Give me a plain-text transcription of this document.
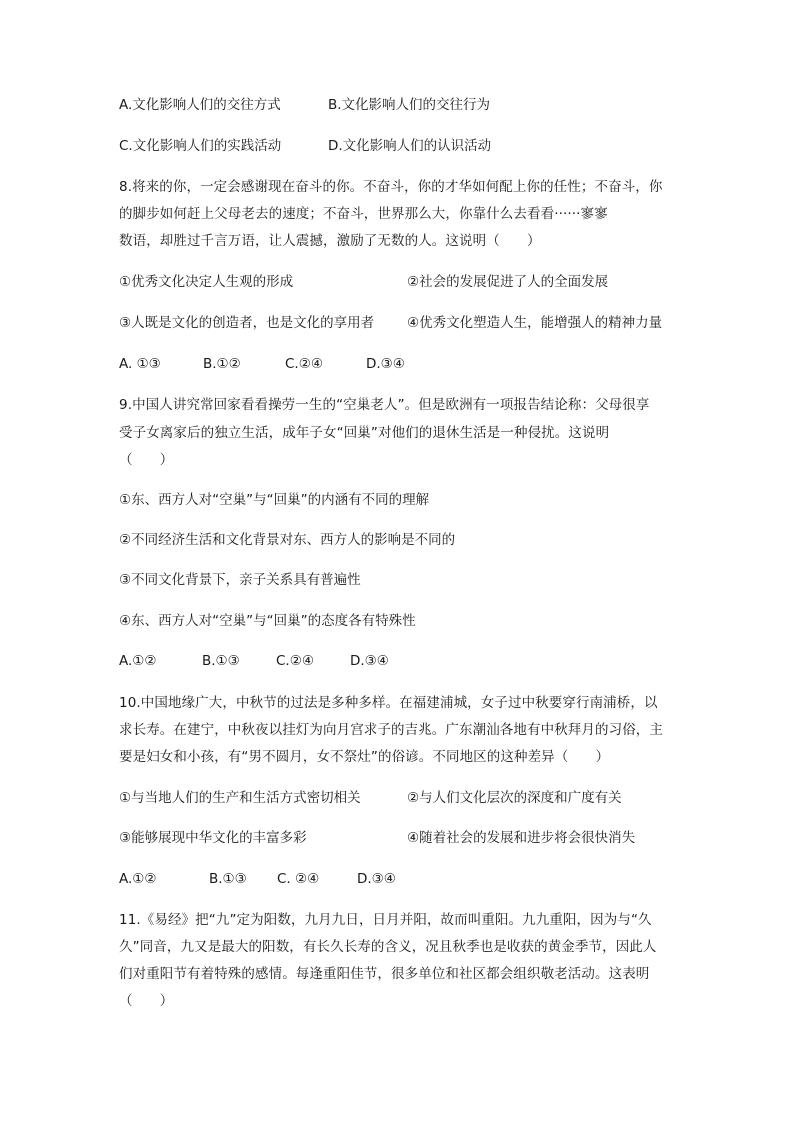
A.文化影响人们的交往方式	B.文化影响人们的交往行为
C.文化影响人们的实践活动	D.文化影响人们的认识活动
8.将来的你，一定会感谢现在奋斗的你。不奋斗，你的才华如何配上你的任性；不奋斗，你
的脚步如何赶上父母老去的速度；不奋斗，世界那么大，你靠什么去看看······寥寥
数语，却胜过千言万语，让人震撼，激励了无数的人。这说明（　　）
①优秀文化决定人生观的形成	②社会的发展促进了人的全面发展
③人既是文化的创造者，也是文化的享用者 ④优秀文化塑造人生，能增强人的精神力量
A. ①③	B.①②	C.②④	D.③④
9.中国人讲究常回家看看操劳一生的“空巢老人”。但是欧洲有一项报告结论称：父母很享
受子女离家后的独立生活，成年子女“回巢”对他们的退休生活是一种侵扰。这说明
（　　）
①东、西方人对“空巢”与“回巢”的内涵有不同的理解
②不同经济生活和文化背景对东、西方人的影响是不同的
③不同文化背景下，亲子关系具有普遍性
④东、西方人对“空巢”与“回巢”的态度各有特殊性
A.①②	B.①③	C.②④	D.③④
10.中国地缘广大，中秋节的过法是多种多样。在福建浦城，女子过中秋要穿行南浦桥，以
求长寿。在建宁，中秋夜以挂灯为向月宫求子的吉兆。广东潮汕各地有中秋拜月的习俗，主
要是妇女和小孩，有“男不圆月，女不祭灶”的俗谚。不同地区的这种差异（　　）
①与当地人们的生产和生活方式密切相关	②与人们文化层次的深度和广度有关
③能够展现中华文化的丰富多彩	④随着社会的发展和进步将会很快消失
A.①②	B.①③ C. ②④	D.③④
11.《易经》把“九”定为阳数，九月九日，日月并阳，故而叫重阳。九九重阳，因为与“久
久”同音，九又是最大的阳数，有长久长寿的含义，况且秋季也是收获的黄金季节，因此人
们对重阳节有着特殊的感情。每逢重阳佳节，很多单位和社区都会组织敬老活动。这表明
（　　）
